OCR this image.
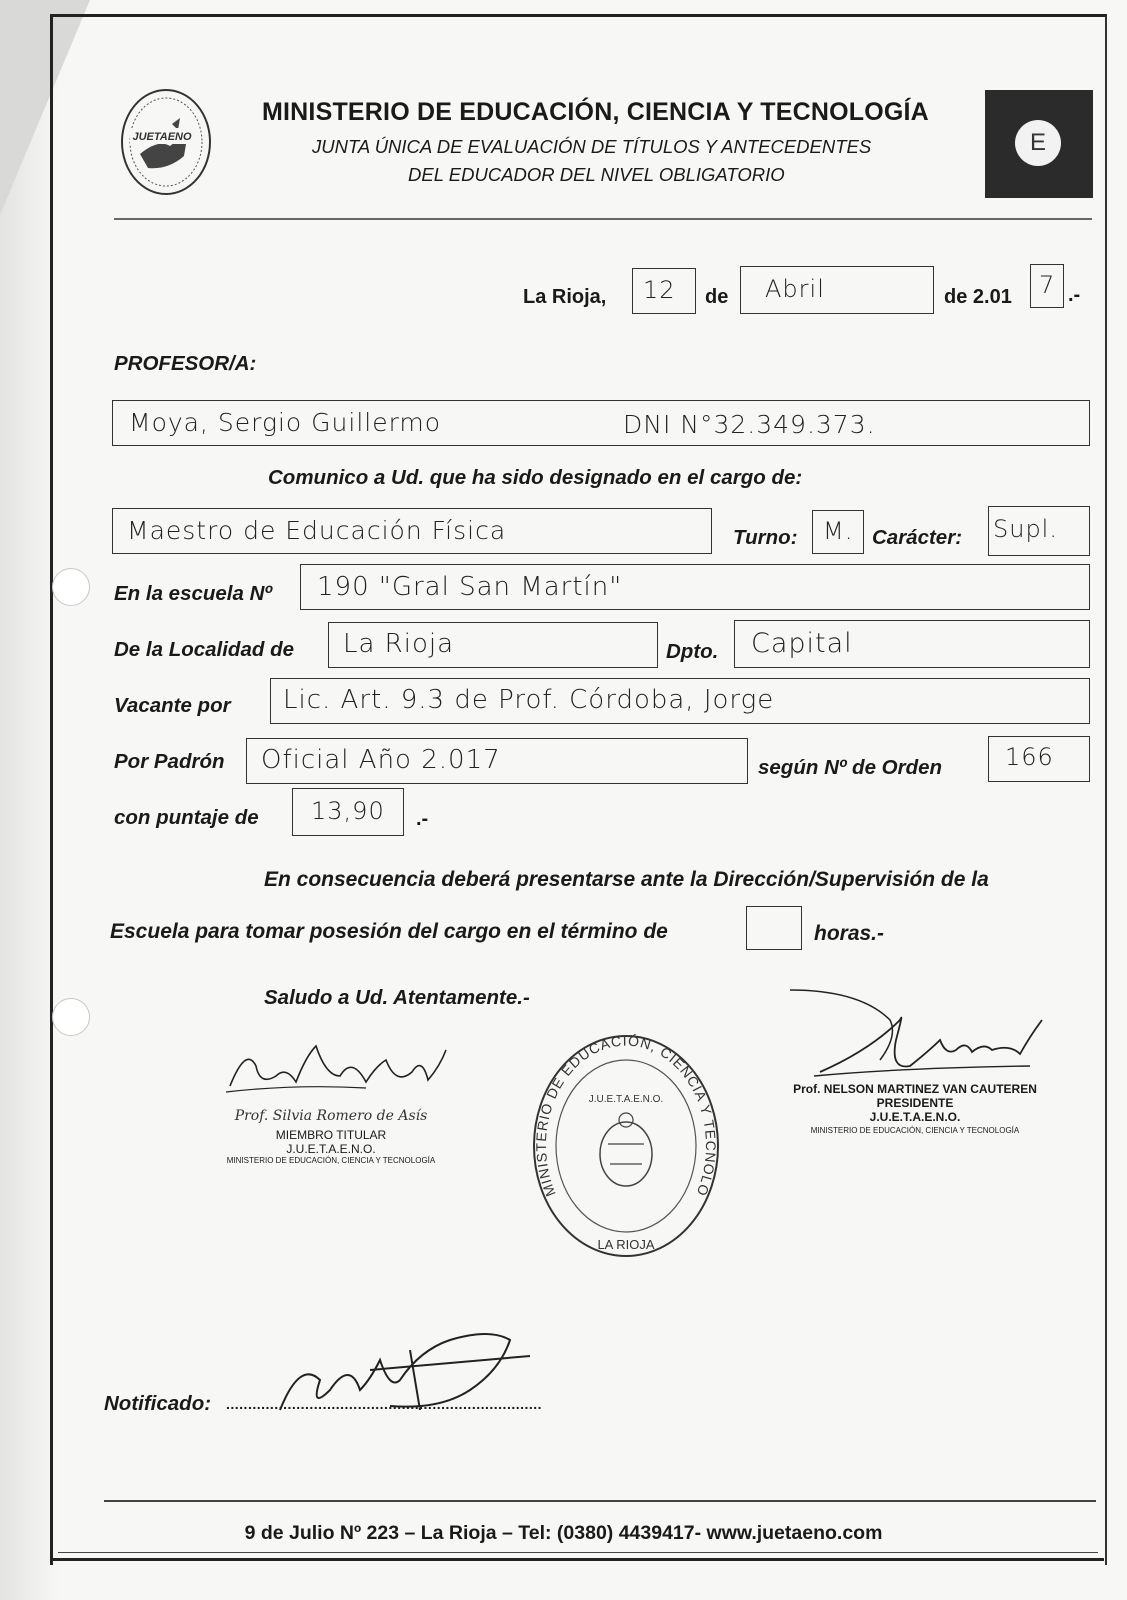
JUETAENO
MINISTERIO DE EDUCACIÓN, CIENCIA Y TECNOLOGÍA
JUNTA ÚNICA DE EVALUACIÓN DE TÍTULOS Y ANTECEDENTES
DEL EDUCADOR DEL NIVEL OBLIGATORIO
E
La Rioja, 12 de Abril	de 2.01 7 .-
PROFESOR/A:
Moya, Sergio Guillermo	DNI N°32.349.373.
Comunico a Ud. que ha sido designado en el cargo de:
Maestro de Educación Física	Turno: M. Carácter: Supl.
En la escuela Nº 190 "Gral San Martín"
De la Localidad de La Rioja	Dpto. Capital
Vacante por Lic. Art. 9.3 de Prof. Córdoba, Jorge
Por Padrón Oficial Año 2.017	según Nº de Orden	166
con puntaje de 13,90 .-
En consecuencia deberá presentarse ante la Dirección/Supervisión de la
Escuela para tomar posesión del cargo en el término de	horas.-
Saludo a Ud. Atentamente.-
Prof. Silvia Romero de Asís
MIEMBRO TITULAR
J.U.E.T.A.E.N.O.
MINISTERIO DE EDUCACIÓN, CIENCIA Y TECNOLOGÍA
MINISTERIO DE EDUCACIÓN, CIENCIA Y TECNOLO
LA RIOJA
J.U.E.T.A.E.N.O.
Prof. NELSON MARTINEZ VAN CAUTEREN
PRESIDENTE
J.U.E.T.A.E.N.O.
MINISTERIO DE EDUCACIÓN, CIENCIA Y TECNOLOGÍA
Notificado: ........................................................................
9 de Julio Nº 223 – La Rioja – Tel: (0380) 4439417- www.juetaeno.com
